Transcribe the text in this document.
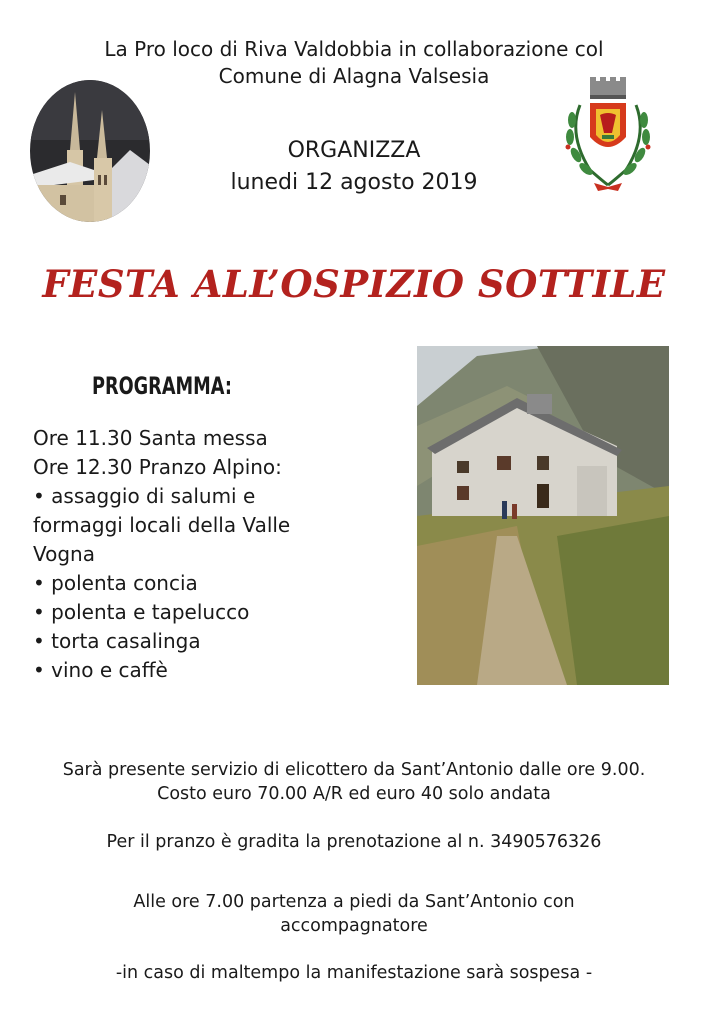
La Pro loco di Riva Valdobbia in collaborazione col
Comune di Alagna Valsesia
ORGANIZZA
lunedi 12 agosto 2019
FESTA ALL’OSPIZIO SOTTILE
PROGRAMMA:
Ore 11.30 Santa messa
Ore 12.30 Pranzo Alpino:
• assaggio di salumi e
formaggi locali della Valle
Vogna
• polenta concia
• polenta e tapelucco
• torta casalinga
• vino e caffè
Sarà presente servizio di elicottero da Sant’Antonio dalle ore 9.00.
Costo euro 70.00 A/R ed euro 40 solo andata
Per il pranzo è gradita la prenotazione al n. 3490576326
Alle ore 7.00 partenza a piedi da Sant’Antonio con
accompagnatore
-in caso di maltempo la manifestazione sarà sospesa -
